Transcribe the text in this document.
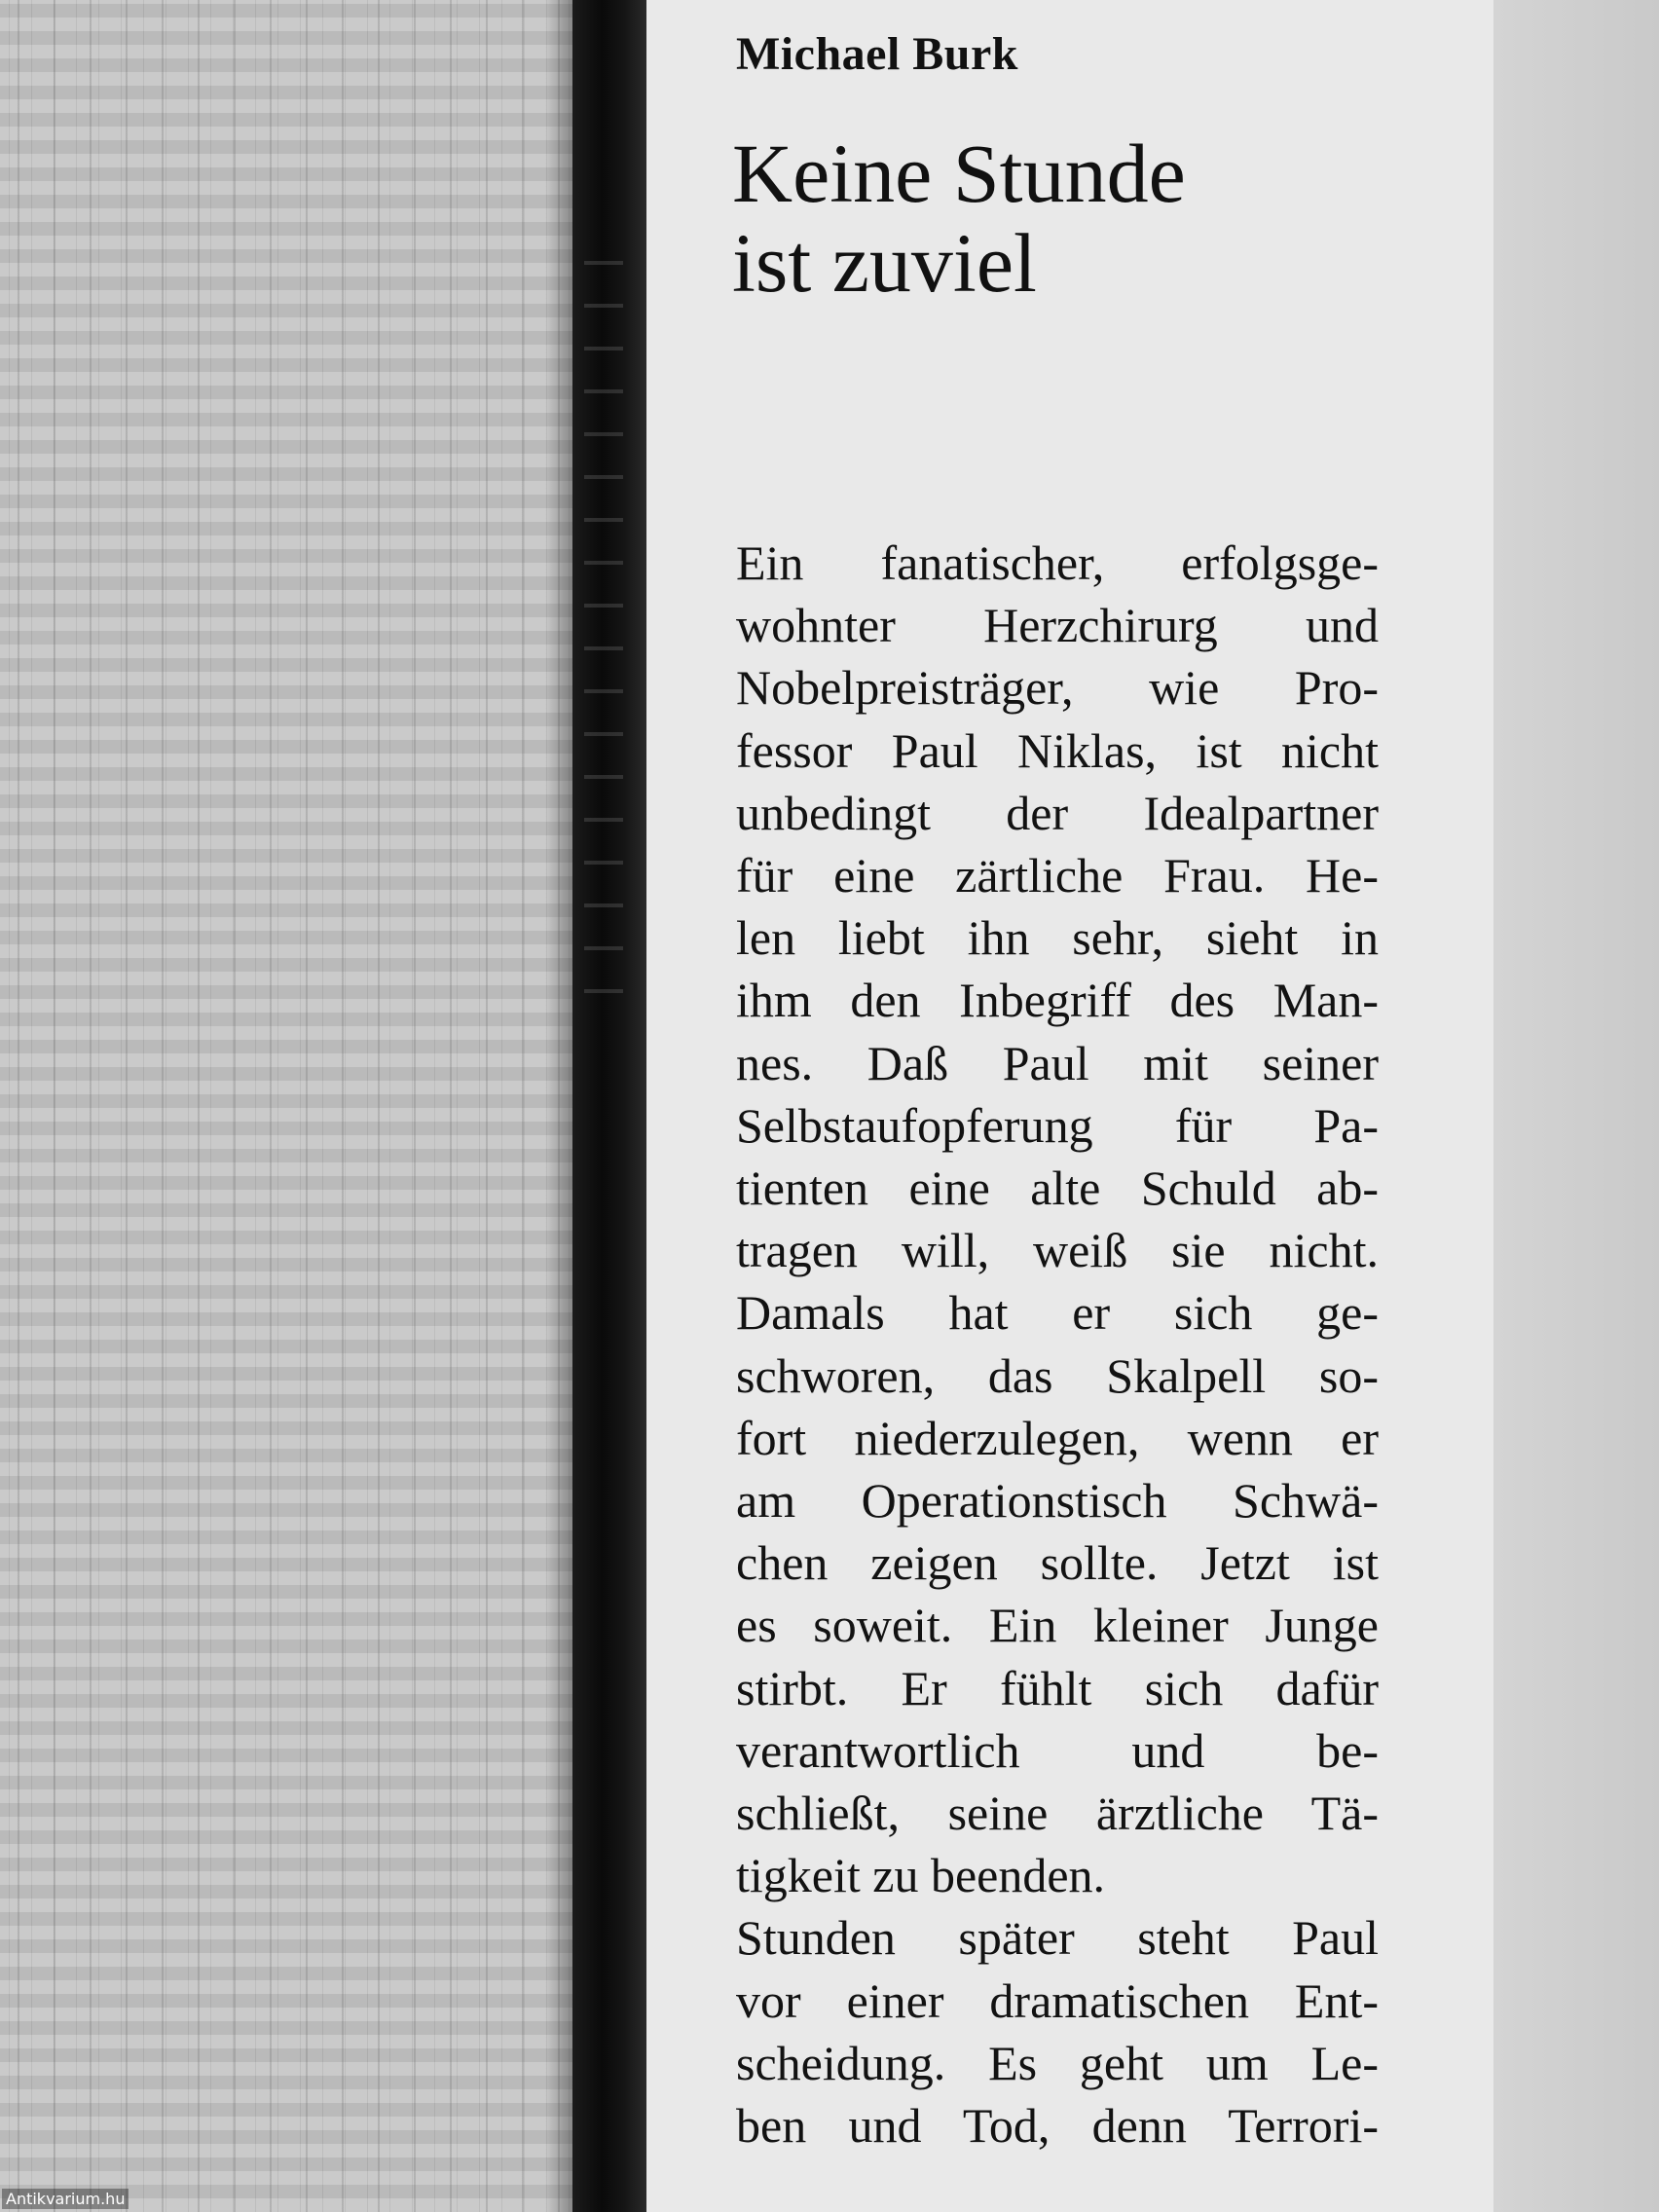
Michael Burk
Keine Stunde
ist zuviel
Ein fanatischer, erfolgsge-
wohnter Herzchirurg und
Nobelpreisträger, wie Pro-
fessor Paul Niklas, ist nicht
unbedingt der Idealpartner
für eine zärtliche Frau. He-
len liebt ihn sehr, sieht in
ihm den Inbegriff des Man-
nes. Daß Paul mit seiner
Selbstaufopferung für Pa-
tienten eine alte Schuld ab-
tragen will, weiß sie nicht.
Damals hat er sich ge-
schworen, das Skalpell so-
fort niederzulegen, wenn er
am Operationstisch Schwä-
chen zeigen sollte. Jetzt ist
es soweit. Ein kleiner Junge
stirbt. Er fühlt sich dafür
verantwortlich und be-
schließt, seine ärztliche Tä-
tigkeit zu beenden.
Stunden später steht Paul
vor einer dramatischen Ent-
scheidung. Es geht um Le-
ben und Tod, denn Terrori-
Antikvarium.hu
